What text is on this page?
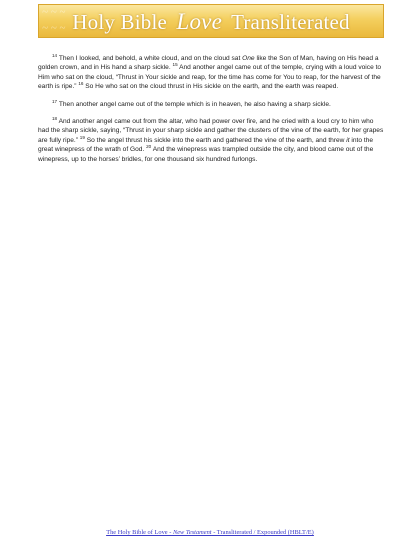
~ ~ ~
~ ~ ~ Holy Bible Love Transliterated

$^{14}$ Then I looked, and behold, a white cloud, and on the cloud sat One like the Son of Man, having on His head a golden crown, and in His hand a sharp sickle. $^{15}$ And another angel came out of the temple, crying with a loud voice to Him who sat on the cloud, “Thrust in Your sickle and reap, for the time has come for You to reap, for the harvest of the earth is ripe.” $^{16}$ So He who sat on the cloud thrust in His sickle on the earth, and the earth was reaped.

$^{17}$ Then another angel came out of the temple which is in heaven, he also having a sharp sickle.

$^{18}$ And another angel came out from the altar, who had power over fire, and he cried with a loud cry to him who had the sharp sickle, saying, “Thrust in your sharp sickle and gather the clusters of the vine of the earth, for her grapes are fully ripe.” $^{19}$ So the angel thrust his sickle into the earth and gathered the vine of the earth, and threw it into the great winepress of the wrath of God. $^{20}$ And the winepress was trampled outside the city, and blood came out of the winepress, up to the horses’ bridles, for one thousand six hundred furlongs.

The Holy Bible of Love - New Testament - Transliterated / Expounded (HBLT/E)
